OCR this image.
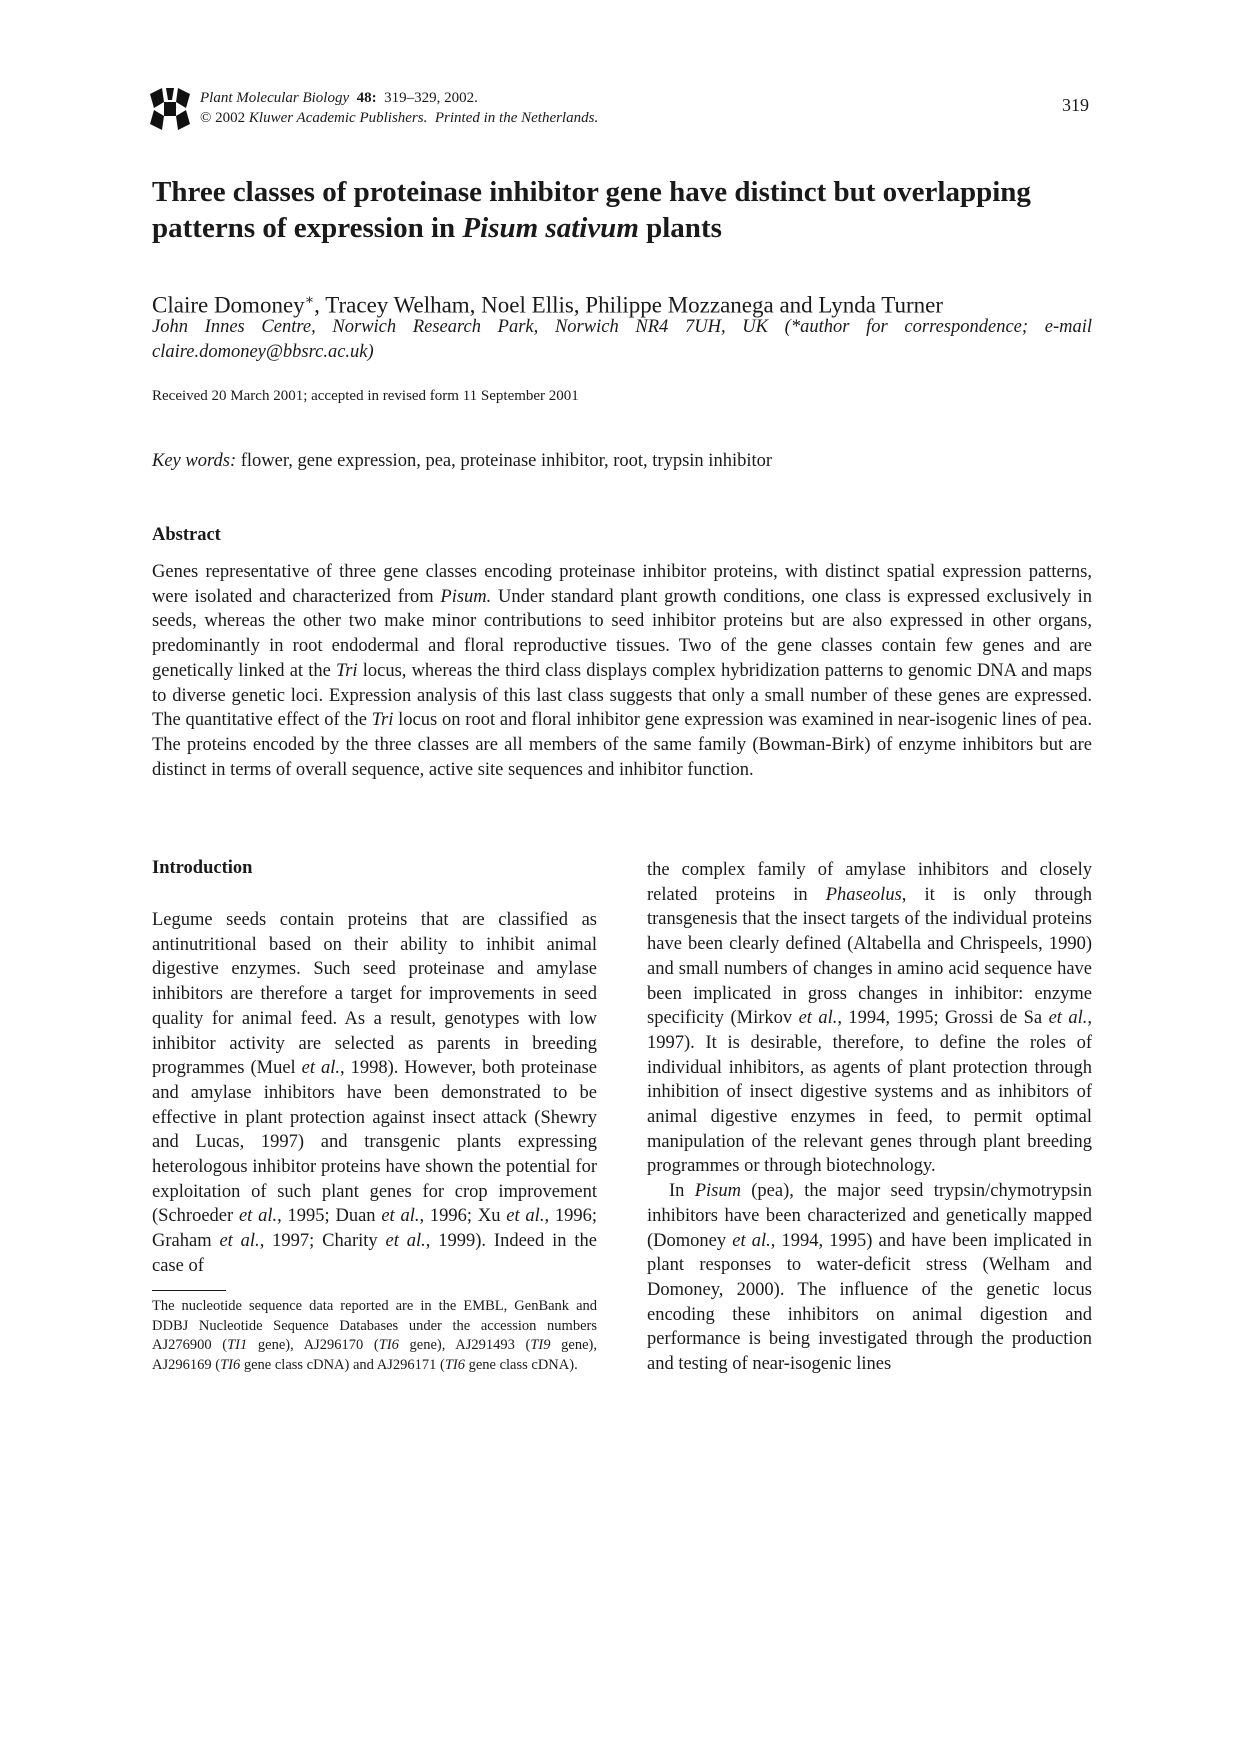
Plant Molecular Biology 48: 319–329, 2002.
© 2002 Kluwer Academic Publishers. Printed in the Netherlands.
319
Three classes of proteinase inhibitor gene have distinct but overlapping patterns of expression in Pisum sativum plants
Claire Domoney∗, Tracey Welham, Noel Ellis, Philippe Mozzanega and Lynda Turner
John Innes Centre, Norwich Research Park, Norwich NR4 7UH, UK (*author for correspondence; e-mail claire.domoney@bbsrc.ac.uk)
Received 20 March 2001; accepted in revised form 11 September 2001
Key words: flower, gene expression, pea, proteinase inhibitor, root, trypsin inhibitor
Abstract

Genes representative of three gene classes encoding proteinase inhibitor proteins, with distinct spatial expression patterns, were isolated and characterized from Pisum. Under standard plant growth conditions, one class is expressed exclusively in seeds, whereas the other two make minor contributions to seed inhibitor proteins but are also expressed in other organs, predominantly in root endodermal and floral reproductive tissues. Two of the gene classes contain few genes and are genetically linked at the Tri locus, whereas the third class displays complex hybridization patterns to genomic DNA and maps to diverse genetic loci. Expression analysis of this last class suggests that only a small number of these genes are expressed. The quantitative effect of the Tri locus on root and floral inhibitor gene expression was examined in near-isogenic lines of pea. The proteins encoded by the three classes are all members of the same family (Bowman-Birk) of enzyme inhibitors but are distinct in terms of overall sequence, active site sequences and inhibitor function.

Introduction

Legume seeds contain proteins that are classified as antinutritional based on their ability to inhibit animal digestive enzymes. Such seed proteinase and amylase inhibitors are therefore a target for improvements in seed quality for animal feed. As a result, genotypes with low inhibitor activity are selected as parents in breeding programmes (Muel et al., 1998). However, both proteinase and amylase inhibitors have been demonstrated to be effective in plant protection against insect attack (Shewry and Lucas, 1997) and transgenic plants expressing heterologous inhibitor proteins have shown the potential for exploitation of such plant genes for crop improvement (Schroeder et al., 1995; Duan et al., 1996; Xu et al., 1996; Graham et al., 1997; Charity et al., 1999). Indeed in the case of

the complex family of amylase inhibitors and closely related proteins in Phaseolus, it is only through transgenesis that the insect targets of the individual proteins have been clearly defined (Altabella and Chrispeels, 1990) and small numbers of changes in amino acid sequence have been implicated in gross changes in inhibitor: enzyme specificity (Mirkov et al., 1994, 1995; Grossi de Sa et al., 1997). It is desirable, therefore, to define the roles of individual inhibitors, as agents of plant protection through inhibition of insect digestive systems and as inhibitors of animal digestive enzymes in feed, to permit optimal manipulation of the relevant genes through plant breeding programmes or through biotechnology.

In Pisum (pea), the major seed trypsin/chymotrypsin inhibitors have been characterized and genetically mapped (Domoney et al., 1994, 1995) and have been implicated in plant responses to water-deficit stress (Welham and Domoney, 2000). The influence of the genetic locus encoding these inhibitors on animal digestion and performance is being investigated through the production and testing of near-isogenic lines

The nucleotide sequence data reported are in the EMBL, GenBank and DDBJ Nucleotide Sequence Databases under the accession numbers AJ276900 (TI1 gene), AJ296170 (TI6 gene), AJ291493 (TI9 gene), AJ296169 (TI6 gene class cDNA) and AJ296171 (TI6 gene class cDNA).
